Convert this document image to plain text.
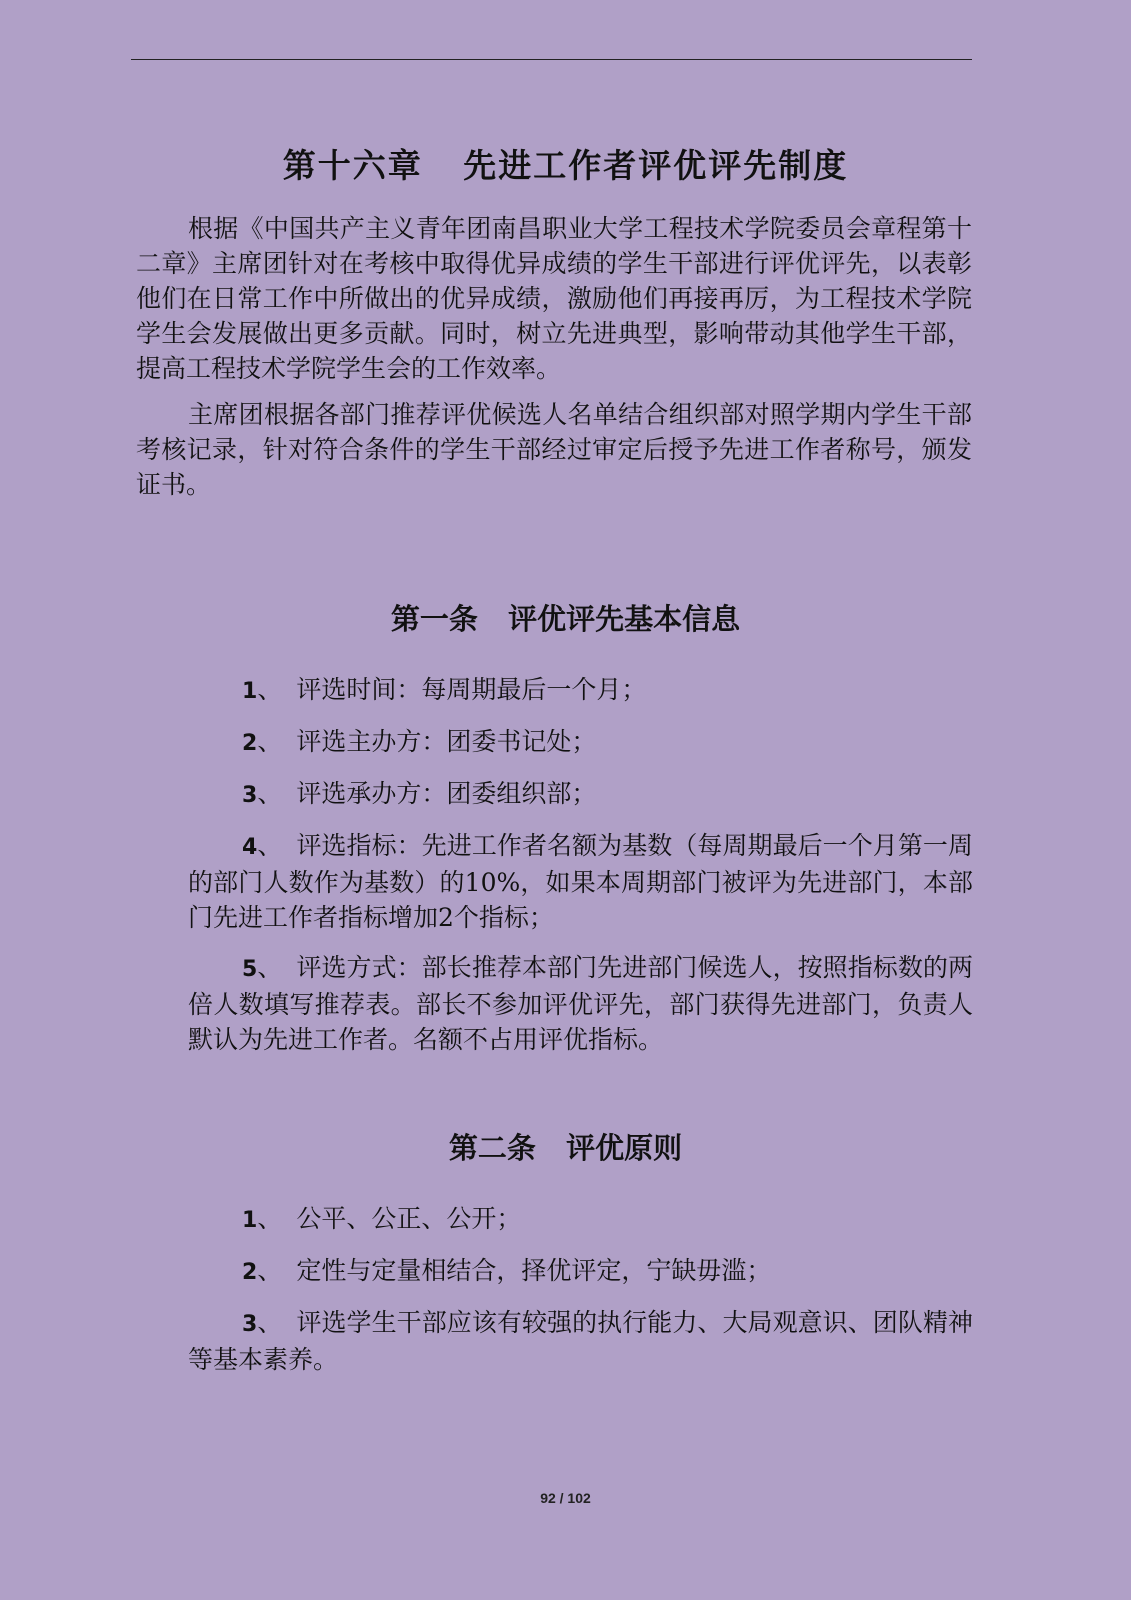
第十六章   先进工作者评优评先制度

根据《中国共产主义青年团南昌职业大学工程技术学院委员会章程第十二章》主席团针对在考核中取得优异成绩的学生干部进行评优评先，以表彰他们在日常工作中所做出的优异成绩，激励他们再接再厉，为工程技术学院学生会发展做出更多贡献。同时，树立先进典型，影响带动其他学生干部，提高工程技术学院学生会的工作效率。

主席团根据各部门推荐评优候选人名单结合组织部对照学期内学生干部考核记录，针对符合条件的学生干部经过审定后授予先进工作者称号，颁发证书。

第一条   评优评先基本信息

1、 评选时间：每周期最后一个月；

2、 评选主办方：团委书记处；

3、 评选承办方：团委组织部；

4、 评选指标：先进工作者名额为基数（每周期最后一个月第一周的部门人数作为基数）的10%，如果本周期部门被评为先进部门，本部门先进工作者指标增加2个指标；

5、 评选方式：部长推荐本部门先进部门候选人，按照指标数的两倍人数填写推荐表。部长不参加评优评先，部门获得先进部门，负责人默认为先进工作者。名额不占用评优指标。

第二条   评优原则

1、 公平、公正、公开；

2、 定性与定量相结合，择优评定，宁缺毋滥；

3、 评选学生干部应该有较强的执行能力、大局观意识、团队精神等基本素养。

92 / 102
